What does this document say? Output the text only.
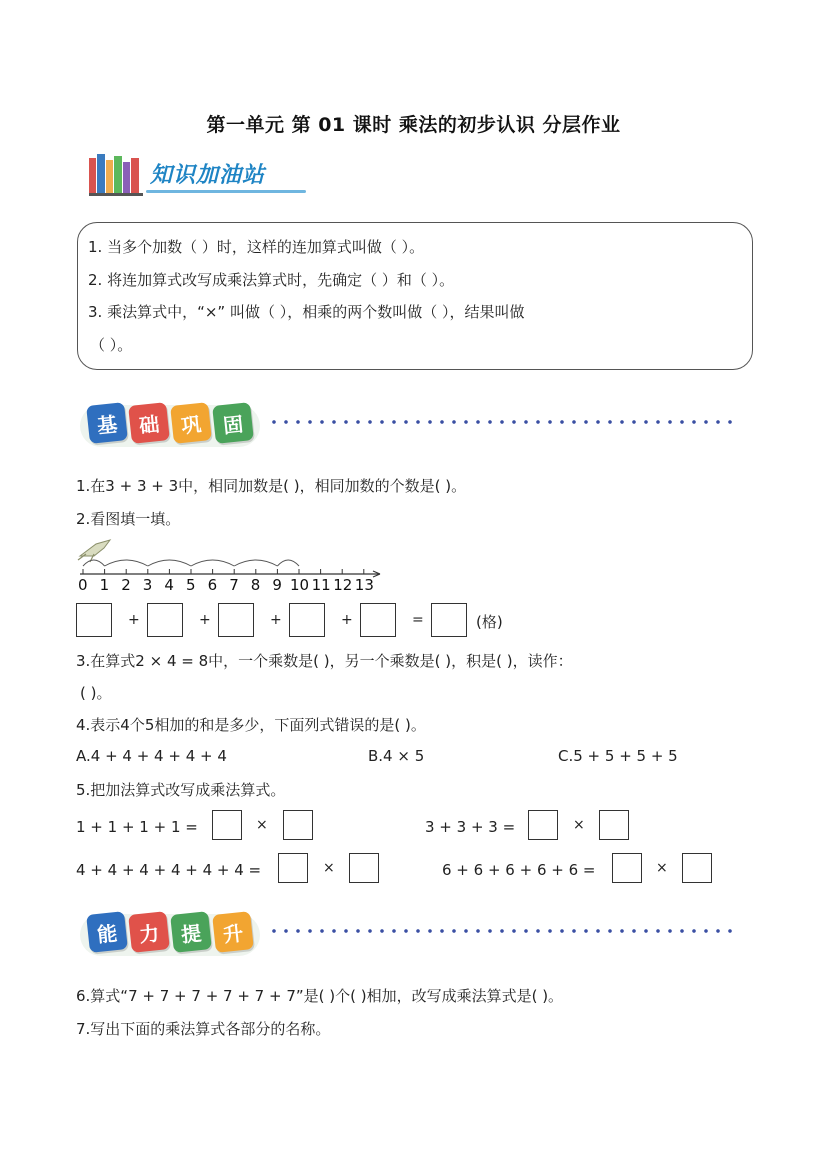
第一单元 第 01 课时 乘法的初步认识 分层作业
知识加油站
1. 当多个加数（ ）时，这样的连加算式叫做（ ）。
2. 将连加算式改写成乘法算式时，先确定（ ）和（ ）。
3. 乘法算式中，“×” 叫做（ ），相乘的两个数叫做（ ），结果叫做
（ ）。
基 础 巩 固
1.在3 + 3 + 3中，相同加数是( )，相同加数的个数是( )。
2.看图填一填。
0 1 2 3 4 5 6 7 8 9 10 11 12 13
+	+	+	+	=	(格)
3.在算式2 × 4 = 8中，一个乘数是( )，另一个乘数是( )，积是( )，读作：
( )。
4.表示4个5相加的和是多少，下面列式错误的是( )。
A.4 + 4 + 4 + 4 + 4	B.4 × 5	C.5 + 5 + 5 + 5
5.把加法算式改写成乘法算式。
1 + 1 + 1 + 1 =	×	3 + 3 + 3 =	×
4 + 4 + 4 + 4 + 4 + 4 =	×	6 + 6 + 6 + 6 + 6 =	×
能 力 提 升
6.算式“7 + 7 + 7 + 7 + 7 + 7”是( )个( )相加，改写成乘法算式是( )。
7.写出下面的乘法算式各部分的名称。
